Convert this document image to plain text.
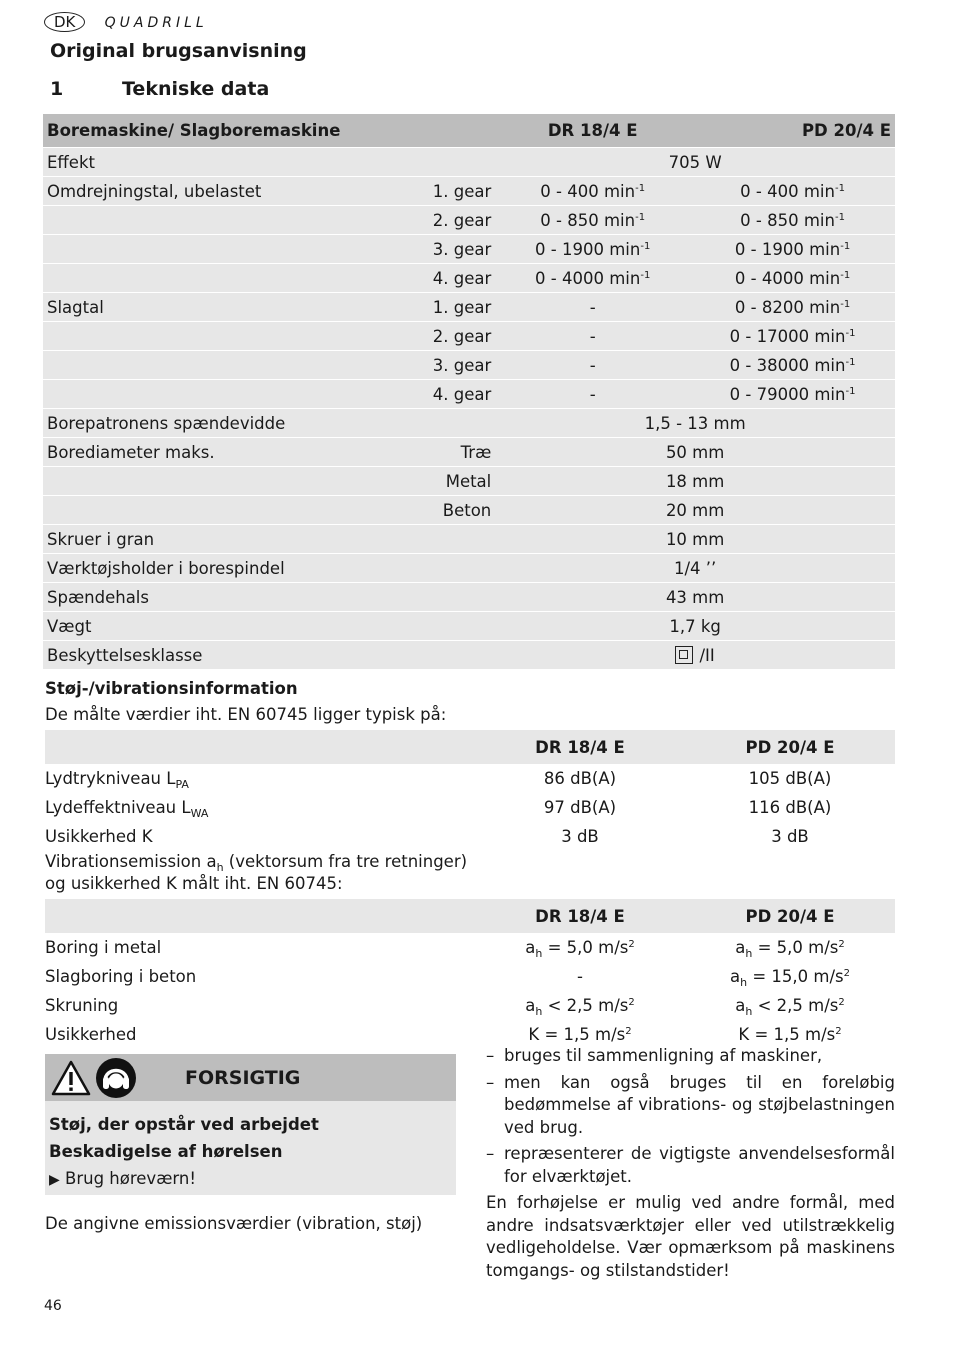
DK QUADRILL
Original brugsanvisning
1	Tekniske data
Boremaskine/ Slagboremaskine		DR 18/4 E	PD 20/4 E
Effekt		705 W	
Omdrejningstal, ubelastet	1. gear	0 - 400 $\min^{-1}$	0 - 400 $\min^{-1}$
	2. gear	0 - 850 $\min^{-1}$	0 - 850 $\min^{-1}$
	3. gear	0 - 1900 $\min^{-1}$	0 - 1900 $\min^{-1}$
	4. gear	0 - 4000 $\min^{-1}$	0 - 4000 $\min^{-1}$
Slagtal	1. gear	-	0 - 8200 $\min^{-1}$
	2. gear	-	0 - 17000 $\min^{-1}$
	3. gear	-	0 - 38000 $\min^{-1}$
	4. gear	-	0 - 79000 $\min^{-1}$
Borepatronens spændevidde		1,5 - 13 mm	
Borediameter maks.	Træ	50 mm	
	Metal	18 mm	
	Beton	20 mm	
Skruer i gran		10 mm	
Værktøjsholder i borespindel		1/4 ’’	
Spændehals		43 mm	
Vægt		1,7 kg	
Beskyttelsesklasse		/II	
Støj-/vibrationsinformation
De målte værdier iht. EN 60745 ligger typisk på:
	DR 18/4 E	PD 20/4 E
Lydtrykniveau $L_{PA}$	86 dB(A)	105 dB(A)
Lydeffektniveau $L_{WA}$	97 dB(A)	116 dB(A)
Usikkerhed K	3 dB	3 dB
Vibrationsemission $a_h$ (vektorsum fra tre retninger)
og usikkerhed K målt iht. EN 60745:
	DR 18/4 E	PD 20/4 E
Boring i metal	$a_h = 5,0$ $m/s^2$	$a_h = 5,0$ $m/s^2$
Slagboring i beton	-	$a_h = 15,0$ $m/s^2$
Skruning	$a_h < 2,5$ $m/s^2$	$a_h < 2,5$ $m/s^2$
Usikkerhed	K = 1,5 $m/s^2$	K = 1,5 $m/s^2$
FORSIGTIG
Støj, der opstår ved arbejdet
Beskadigelse af hørelsen
▶ Brug høreværn!
De angivne emissionsværdier (vibration, støj)
– bruges til sammenligning af maskiner,
– men kan også bruges til en foreløbig bedømmelse af vibrations- og støjbelastningen ved brug.
– repræsenterer de vigtigste anvendelsesformål for elværktøjet.

En forhøjelse er mulig ved andre formål, med andre indsatsværktøjer eller ved utilstrækkelig vedligeholdelse. Vær opmærksom på maskinens tomgangs- og stilstandstider!

46
